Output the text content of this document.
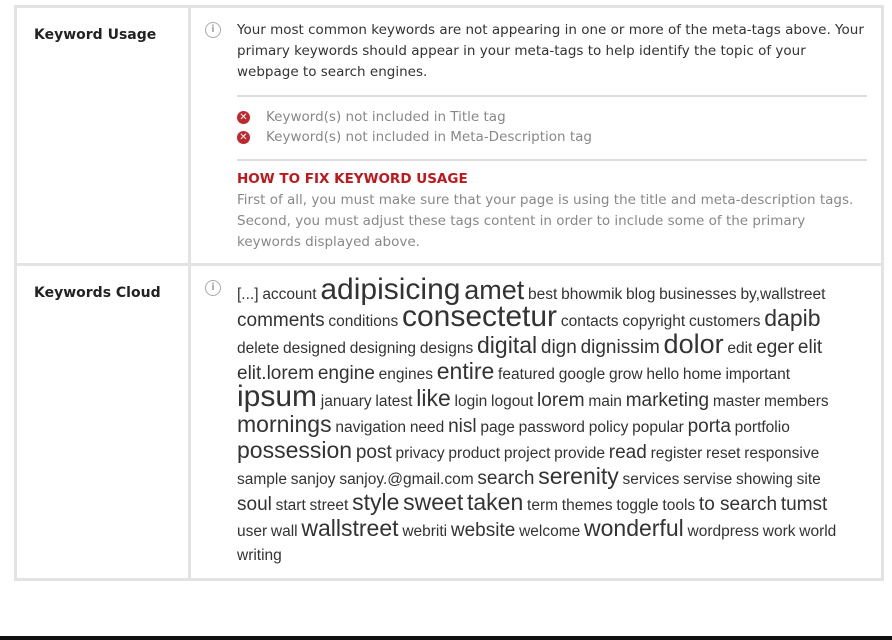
Keyword Usage	i	Your most common keywords are not appearing in one or more of the meta-tags above. Your primary keywords should appear in your meta-tags to help identify the topic of your webpage to search engines.
✕ Keyword(s) not included in Title tag
✕ Keyword(s) not included in Meta-Description tag
HOW TO FIX KEYWORD USAGE
First of all, you must make sure that your page is using the title and meta-description tags.
Second, you must adjust these tags content in order to include some of the primary keywords displayed above.
Keywords Cloud	i	[...] account adipisicing amet best bhowmik blog businesses by,wallstreet comments conditions consectetur contacts copyright customers dapib delete designed designing designs digital dign dignissim dolor edit eger elit elit.lorem engine engines entire featured google grow hello home important ipsum january latest like login logout lorem main marketing master members mornings navigation need nisl page password policy popular porta portfolio possession post privacy product project provide read register reset responsive sample sanjoy sanjoy.@gmail.com search serenity services servise showing site soul start street style sweet taken term themes toggle tools to search tumst user wall wallstreet webriti website welcome wonderful wordpress work world writing
